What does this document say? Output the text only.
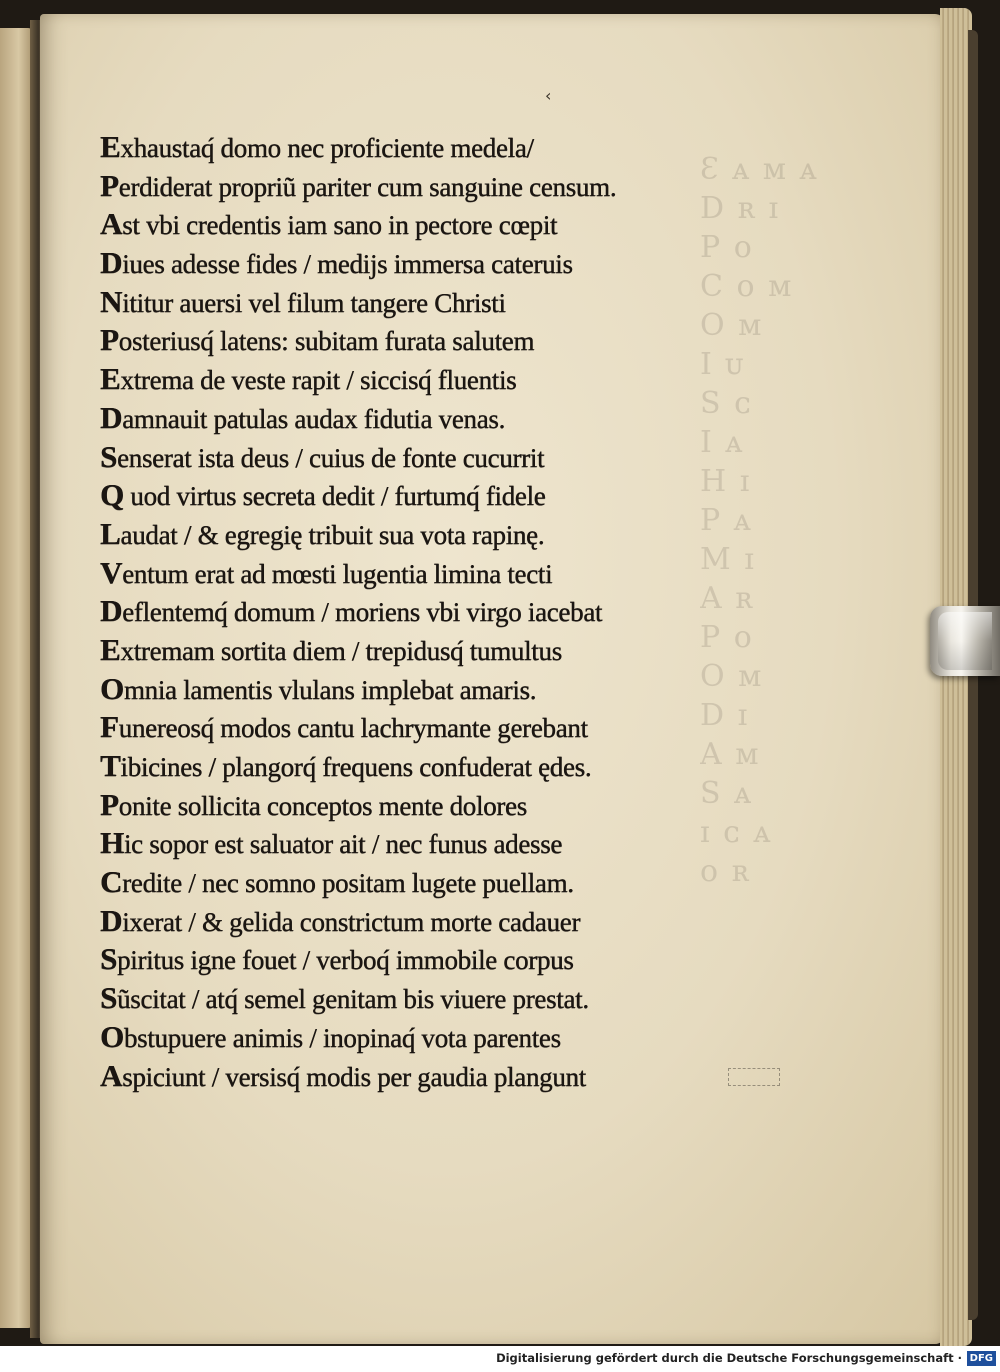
Ɛ ᴀ ᴍ ᴀ
D ʀ ɪ
P ᴏ
C ᴏ ᴍ
O ᴍ
I ᴜ
S ᴄ
I ᴀ
H ɪ
P ᴀ
M ɪ
A ʀ
P ᴏ
O ᴍ
D ɪ
A ᴍ
S ᴀ
ɪ ᴄ ᴀ
ᴏ ʀ
‹
Exhaustaq́ domo nec proficiente medela/
Perdiderat propriũ pariter cum sanguine censum.
Ast vbi credentis iam sano in pectore cœpit
Diues adesse fides / medijs immersa cateruis
Nititur auersi vel filum tangere Christi
Posteriusq́ latens: subitam furata salutem
Extrema de veste rapit / siccisq́ fluentis
Damnauit patulas audax fidutia venas.
Senserat ista deus / cuius de fonte cucurrit
Q uod virtus secreta dedit / furtumq́ fidele
Laudat / & egregię tribuit sua vota rapinę.
Ventum erat ad mœsti lugentia limina tecti
Deflentemq́ domum / moriens vbi virgo iacebat
Extremam sortita diem / trepidusq́ tumultus
Omnia lamentis vlulans implebat amaris.
Funereosq́ modos cantu lachrymante gerebant
Tibicines / plangorq́ frequens confuderat ędes.
Ponite sollicita conceptos mente dolores
Hic sopor est saluator ait / nec funus adesse
Credite / nec somno positam lugete puellam.
Dixerat / & gelida constrictum morte cadauer
Spiritus igne fouet / verboq́ immobile corpus
Sũscitat / atq́ semel genitam bis viuere prestat.
Obstupuere animis / inopinaq́ vota parentes
Aspiciunt / versisq́ modis per gaudia plangunt
Digitalisierung gefördert durch die Deutsche Forschungsgemeinschaft · DFG
